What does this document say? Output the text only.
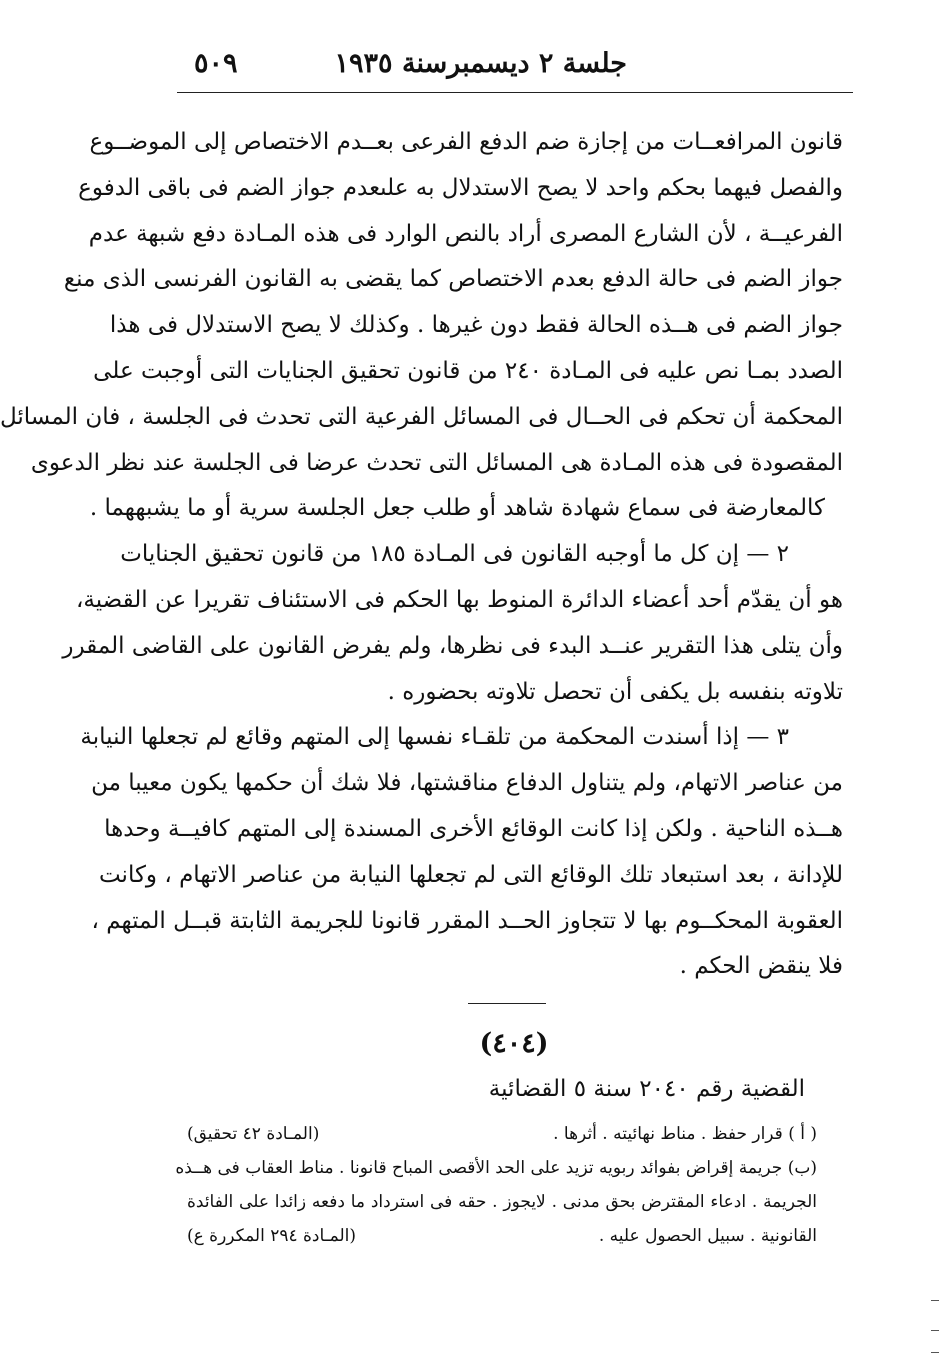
جلسة ٢ ديسمبرسنة ١٩٣٥
٥٠٩
قانون المرافعــات من إجازة ضم الدفع الفرعى بعــدم الاختصاص إلى الموضــوع
والفصل فيهما بحكم واحد لا يصح الاستدلال به علىعدم جواز الضم فى باقى الدفوع
الفرعيــة ، لأن الشارع المصرى أراد بالنص الوارد فى هذه المـادة دفع شبهة عدم
جواز الضم فى حالة الدفع بعدم الاختصاص كما يقضى به القانون الفرنسى الذى منع
جواز الضم فى هــذه الحالة فقط دون غيرها . وكذلك لا يصح الاستدلال فى هذا
الصدد بمـا نص عليه فى المـادة ٢٤٠ من قانون تحقيق الجنايات التى أوجبت على
المحكمة أن تحكم فى الحــال فى المسائل الفرعية التى تحدث فى الجلسة ، فان المسائل
المقصودة فى هذه المـادة هى المسائل التى تحدث عرضا فى الجلسة عند نظر الدعوى
كالمعارضة فى سماع شهادة شاهد أو طلب جعل الجلسة سرية أو ما يشبههما .
٢ — إن كل ما أوجبه القانون فى المـادة ١٨٥ من قانون تحقيق الجنايات
هو أن يقدّم أحد أعضاء الدائرة المنوط بها الحكم فى الاستئناف تقريرا عن القضية،
وأن يتلى هذا التقرير عنــد البدء فى نظرها، ولم يفرض القانون على القاضى المقرر
تلاوته بنفسه بل يكفى أن تحصل تلاوته بحضوره .
٣ — إذا أسندت المحكمة من تلقـاء نفسها إلى المتهم وقائع لم تجعلها النيابة
من عناصر الاتهام، ولم يتناول الدفاع مناقشتها، فلا شك أن حكمها يكون معيبا من
هــذه الناحية . ولكن إذا كانت الوقائع الأخرى المسندة إلى المتهم كافيــة وحدها
للإدانة ، بعد استبعاد تلك الوقائع التى لم تجعلها النيابة من عناصر الاتهام ، وكانت
العقوبة المحكــوم بها لا تتجاوز الحــد المقرر قانونا للجريمة الثابتة قبــل المتهم ،
فلا ينقض الحكم .
(٤٠٤)
القضية رقم ٢٠٤٠ سنة ٥ القضائية
( أ ) قرار حفظ . مناط نهائيته . أثرها .
(المـادة ٤٢ تحقيق)
(ب) جريمة إقراض بفوائد ربويه تزيد على الحد الأقصى المباح قانونا . مناط العقاب فى هــذه
الجريمة . ادعاء المقترض بحق مدنى . لايجوز . حقه فى استرداد ما دفعه زائدا على الفائدة
القانونية . سبيل الحصول عليه .
(المـادة ٢٩٤ المكررة ع)
